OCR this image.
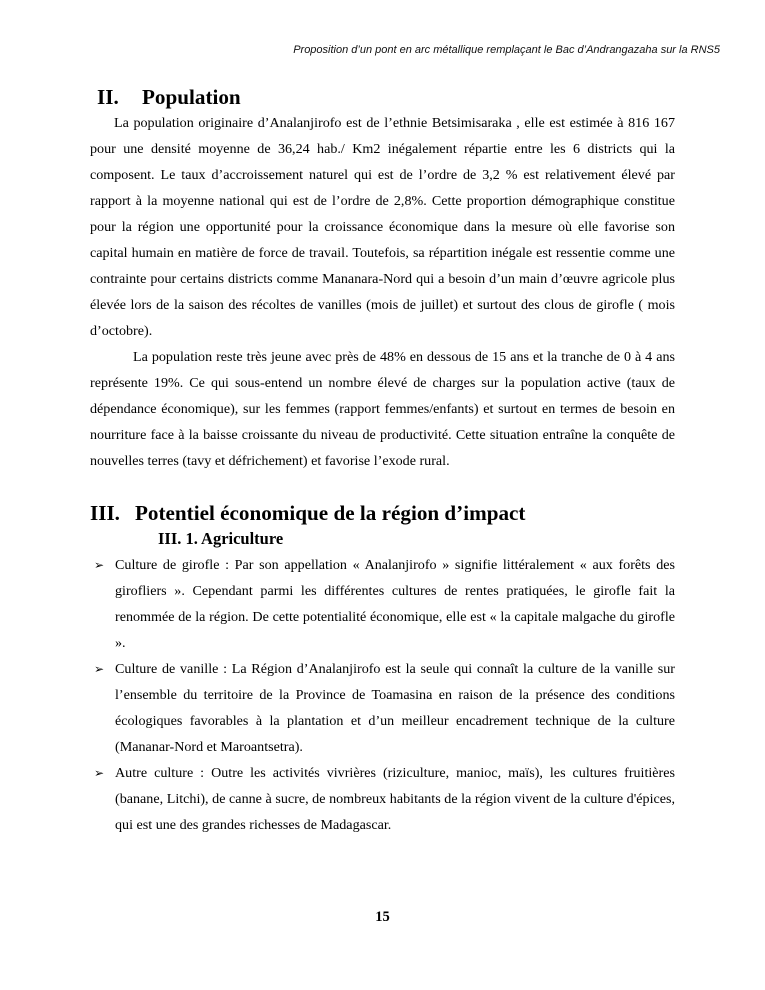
Proposition d’un pont en arc métallique remplaçant le Bac d’Andrangazaha sur la RNS5
II.	Population

La population originaire d’Analanjirofo est de l’ethnie Betsimisaraka , elle est estimée à 816 167 pour une densité moyenne de 36,24 hab./ Km2 inégalement répartie entre les 6 districts qui la composent. Le taux d’accroissement naturel qui est de l’ordre de 3,2 % est relativement élevé par rapport à la moyenne national qui est de l’ordre de 2,8%. Cette proportion démographique constitue pour la région une opportunité pour la croissance économique dans la mesure où elle favorise son capital humain en matière de force de travail. Toutefois, sa répartition inégale est ressentie comme une contrainte pour certains districts comme Mananara-Nord qui a besoin d’un main d’œuvre agricole plus élevée lors de la saison des récoltes de vanilles (mois de juillet) et surtout des clous de girofle ( mois d’octobre).

La population reste très jeune avec près de 48% en dessous de 15 ans et la tranche de 0 à 4 ans représente 19%. Ce qui sous-entend un nombre élevé de charges sur la population active (taux de dépendance économique), sur les femmes (rapport femmes/enfants) et surtout en termes de besoin en nourriture face à la baisse croissante du niveau de productivité. Cette situation entraîne la conquête de nouvelles terres (tavy et défrichement) et favorise l’exode rural.

III. Potentiel économique de la région d’impact
III. 1. Agriculture
➢ Culture de girofle : Par son appellation « Analanjirofo » signifie littéralement « aux forêts des girofliers ». Cependant parmi les différentes cultures de rentes pratiquées, le girofle fait la renommée de la région. De cette potentialité économique, elle est « la capitale malgache du girofle ».
➢ Culture de vanille : La Région d’Analanjirofo est la seule qui connaît la culture de la vanille sur l’ensemble du territoire de la Province de Toamasina en raison de la présence des conditions écologiques favorables à la plantation et d’un meilleur encadrement technique de la culture (Mananar-Nord et Maroantsetra).
➢ Autre culture : Outre les activités vivrières (riziculture, manioc, maïs), les cultures fruitières (banane, Litchi), de canne à sucre, de nombreux habitants de la région vivent de la culture d'épices, qui est une des grandes richesses de Madagascar.
15
